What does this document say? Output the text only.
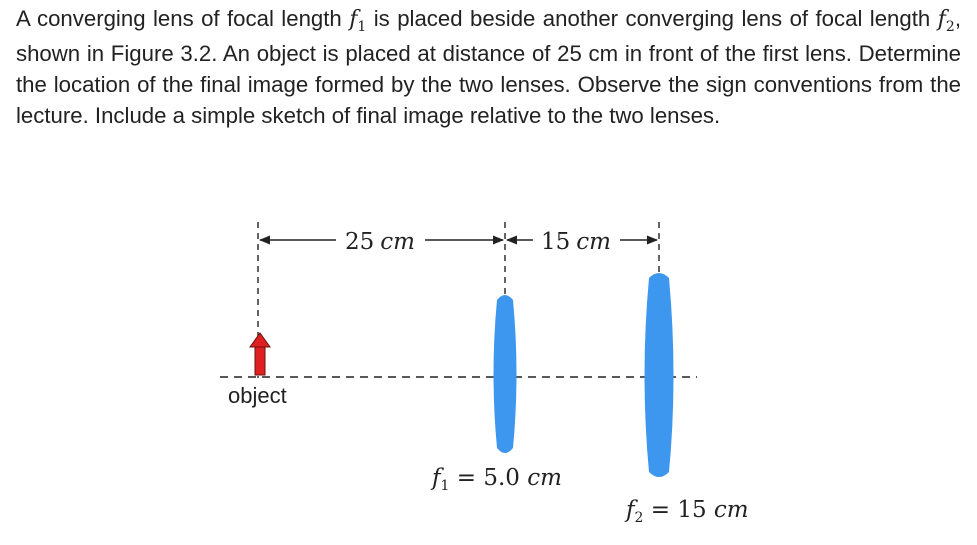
A converging lens of focal length $f_1$ is placed beside another converging lens of focal length $f_2$, shown in Figure 3.2. An object is placed at distance of 25 cm in front of the first lens. Determine the location of the final image formed by the two lenses. Observe the sign conventions from the lecture. Include a simple sketch of final image relative to the two lenses.

25 cm	15 cm
object
$f_1 = 5.0$ cm
$f_2 = 15$ cm
